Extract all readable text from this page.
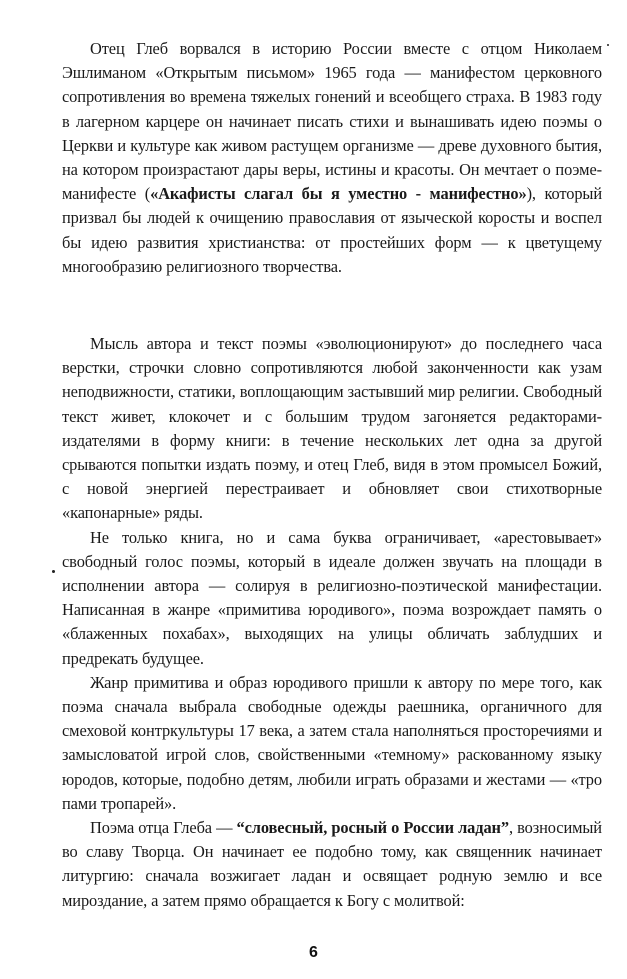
Отец Глеб ворвался в историю России вместе с отцом Николаем Эшлиманом «Открытым письмом» 1965 года — манифестом церковного сопротивления во времена тяжелых гонений и всеобщего страха. В 1983 году в лагерном карцере он начинает писать стихи и вынашивать идею поэмы о Церкви и культуре как живом растущем организме — древе духовного бытия, на котором произрастают дары веры, истины и красоты. Он мечтает о поэме-манифесте («Акафисты слагал бы я уместно - манифестно»), который призвал бы людей к очищению православия от языческой коросты и воспел бы идею развития христианства: от простейших форм — к цветущему многообразию религиозного творчества.

Мысль автора и текст поэмы «эволюционируют» до последнего часа верстки, строчки словно сопротивляются любой законченности как узам неподвижности, статики, воплощающим застывший мир религии. Свободный текст живет, клокочет и с большим трудом загоняется редакторами-издателями в форму книги: в течение нескольких лет одна за другой срываются попытки издать поэму, и отец Глеб, видя в этом промысел Божий, с новой энергией перестраивает и обновляет свои стихотворные «капонарные» ряды.

Не только книга, но и сама буква ограничивает, «арестовывает» свободный голос поэмы, который в идеале должен звучать на площади в исполнении автора — солируя в религиозно-поэтической манифестации. Написанная в жанре «примитива юродивого», поэма возрождает память о «блаженных похабах», выходящих на улицы обличать заблудших и предрекать будущее.

Жанр примитива и образ юродивого пришли к автору по мере того, как поэма сначала выбрала свободные одежды раешника, органичного для смеховой контркультуры 17 века, а затем стала наполняться просторечиями и замысловатой игрой слов, свойственными «темному» раскованному языку юродов, которые, подобно детям, любили играть образами и жестами — «тро пами тропарей».

Поэма отца Глеба — “словесный, росный о России ладан”, возносимый во славу Творца. Он начинает ее подобно тому, как священник начинает литургию: сначала возжигает ладан и освящает родную землю и все мироздание, а затем прямо обращается к Богу с молитвой:

6
